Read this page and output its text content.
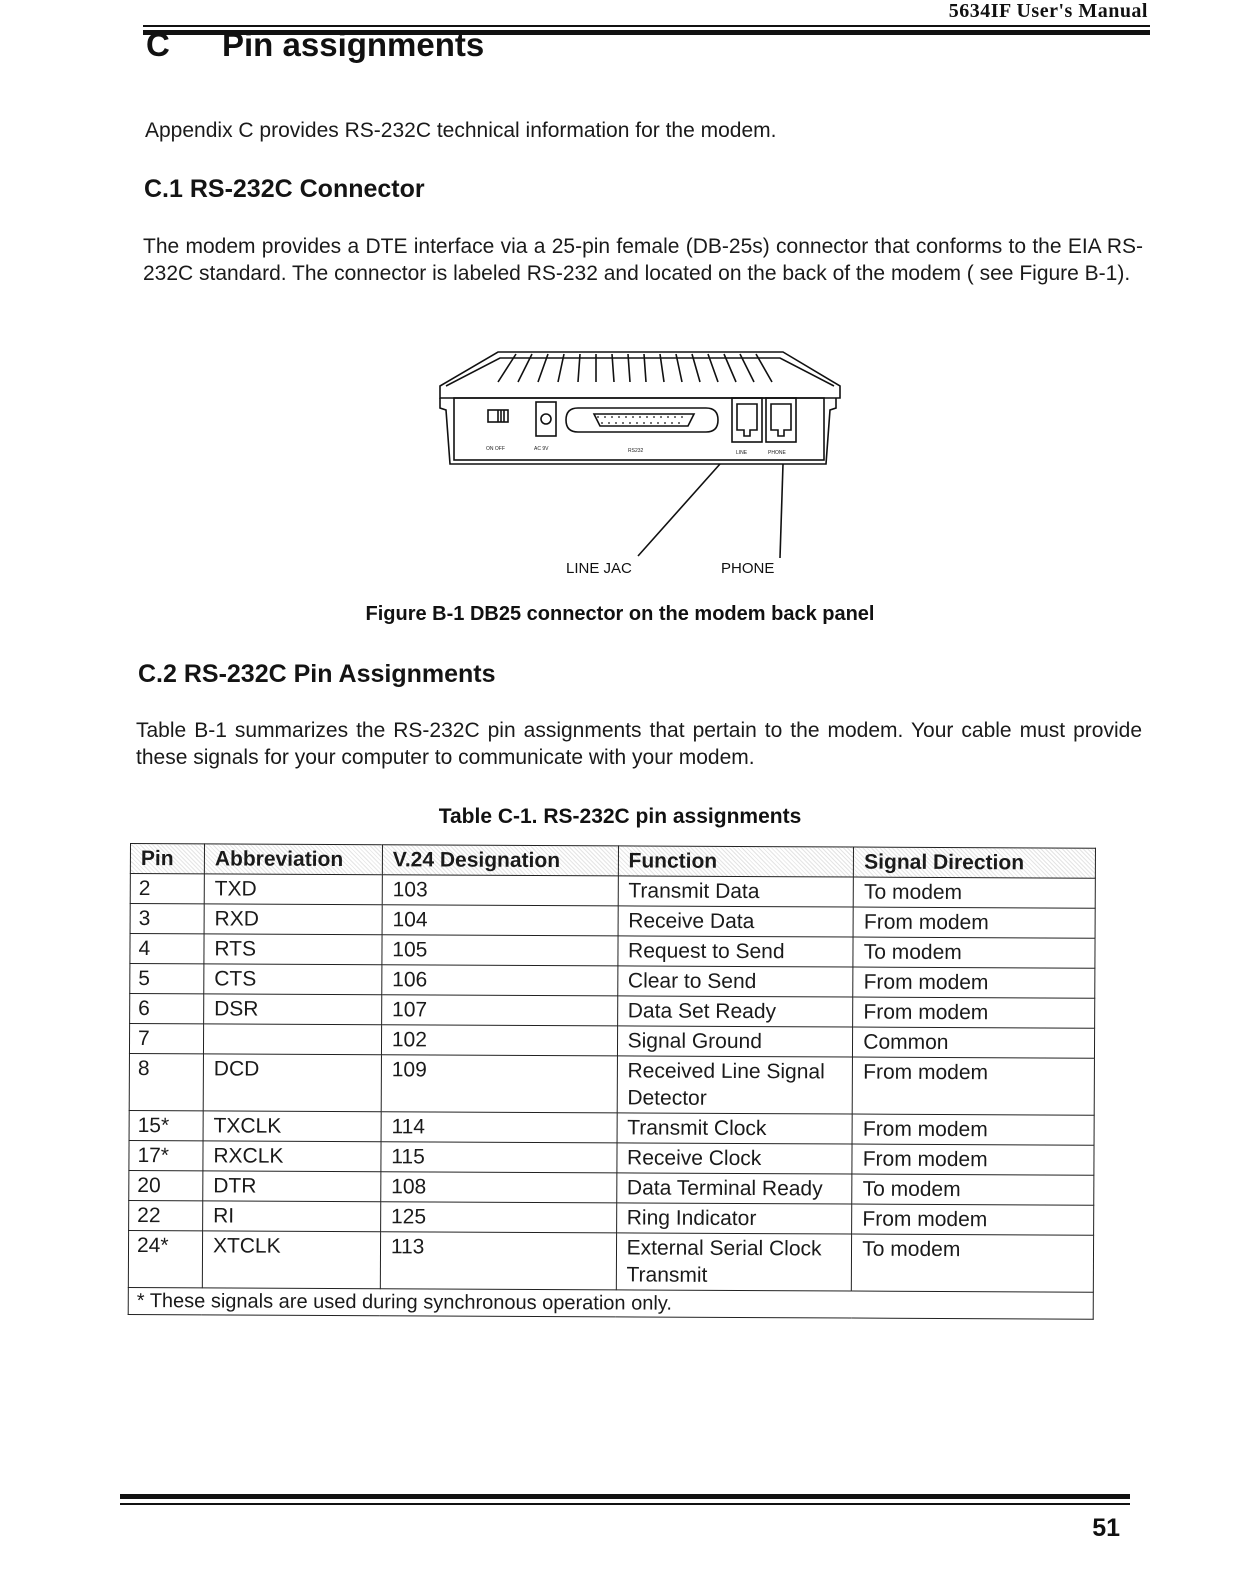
5634IF User's Manual
C Pin assignments
Appendix C provides RS-232C technical information for the modem.
C.1 RS-232C Connector
The modem provides a DTE interface via a 25-pin female (DB-25s) connector that conforms to the EIA RS-232C standard. The connector is labeled RS-232 and located on the back of the modem ( see Figure B-1).
ON OFF	AC 9V	RS232	LINE	PHONE
LINE JAC	PHONE
Figure B-1 DB25 connector on the modem back panel
C.2 RS-232C Pin Assignments
Table B-1 summarizes the RS-232C pin assignments that pertain to the modem. Your cable must provide these signals for your computer to communicate with your modem.
Table C-1. RS-232C pin assignments
Pin	Abbreviation	V.24 Designation	Function	Signal Direction
2	TXD	103	Transmit Data	To modem
3	RXD	104	Receive Data	From modem
4	RTS	105	Request to Send	To modem
5	CTS	106	Clear to Send	From modem
6	DSR	107	Data Set Ready	From modem
7		102	Signal Ground	Common
8	DCD	109	Received Line Signal Detector	From modem
15*	TXCLK	114	Transmit Clock	From modem
17*	RXCLK	115	Receive Clock	From modem
20	DTR	108	Data Terminal Ready	To modem
22	RI	125	Ring Indicator	From modem
24*	XTCLK	113	External Serial Clock Transmit	To modem
* These signals are used during synchronous operation only.				
51
